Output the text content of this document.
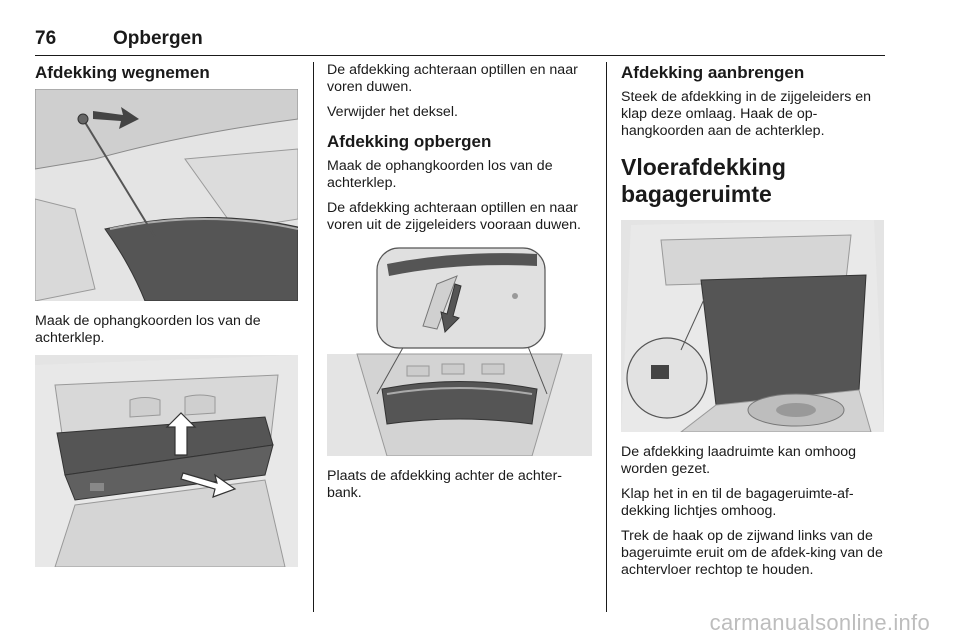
76	Opbergen
Afdekking wegnemen

Maak de ophangkoorden los van de achterklep.

De afdekking achteraan optillen en naar voren duwen.

Verwijder het deksel.

Afdekking opbergen

Maak de ophangkoorden los van de achterklep.

De afdekking achteraan optillen en naar voren uit de zijgeleiders vooraan duwen.

Plaats de afdekking achter de achter-bank.

Afdekking aanbrengen

Steek de afdekking in de zijgeleiders en klap deze omlaag. Haak de op-hangkoorden aan de achterklep.

Vloerafdekking bagageruimte

De afdekking laadruimte kan omhoog worden gezet.

Klap het in en til de bagageruimte-af-dekking lichtjes omhoog.

Trek de haak op de zijwand links van de bageruimte eruit om de afdek-king van de achtervloer rechtop te houden.

carmanualsonline.info
